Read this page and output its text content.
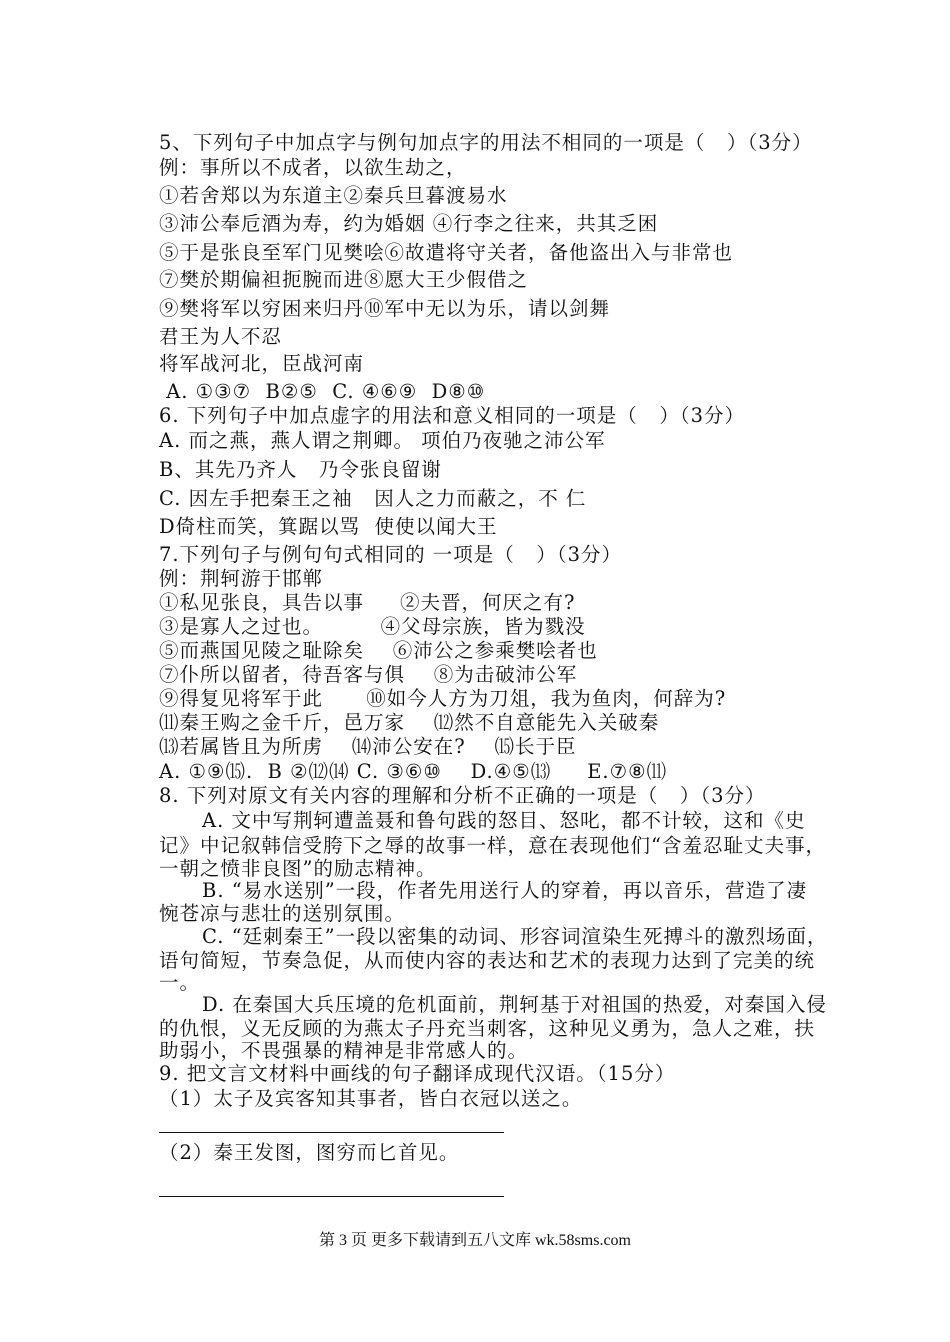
5、下列句子中加点字与例句加点字的用法不相同的一项是（   ）（3分）
例：事所以不成者，以欲生劫之，
①若舍郑以为东道主②秦兵旦暮渡易水
③沛公奉卮酒为寿，约为婚姻 ④行李之往来，共其乏困
⑤于是张良至军门见樊哙⑥故遣将守关者，备他盗出入与非常也
⑦樊於期偏袒扼腕而进⑧愿大王少假借之
⑨樊将军以穷困来归丹⑩军中无以为乐，请以剑舞
君王为人不忍
将军战河北，臣战河南
A. ①③⑦  B②⑤  C. ④⑥⑨  D⑧⑩
6. 下列句子中加点虚字的用法和意义相同的一项是（   ）（3分）
A. 而之燕，燕人谓之荆卿。 项伯乃夜驰之沛公军
B、其先乃齐人   乃令张良留谢
C. 因左手把秦王之袖   因人之力而蔽之，不 仁
D倚柱而笑，箕踞以骂  使使以闻大王
7.下列句子与例句句式相同的 一项是（   ）（3分）
例：荆轲游于邯郸
①私见张良，具告以事     ②夫晋，何厌之有?
③是寡人之过也。        ④父母宗族，皆为戮没
⑤而燕国见陵之耻除矣    ⑥沛公之参乘樊哙者也
⑦仆所以留者，待吾客与俱    ⑧为击破沛公军
⑨得复见将军于此      ⑩如今人方为刀俎，我为鱼肉，何辞为?
⑾秦王购之金千斤，邑万家    ⑿然不自意能先入关破秦
⒀若属皆且为所虏    ⒁沛公安在?    ⒂长于臣
A. ①⑨⒂.  B ②⑿⒁ C. ③⑥⑩    D.④⑤⒀     E.⑦⑧⑾
8. 下列对原文有关内容的理解和分析不正确的一项是（   ）（3分）
A. 文中写荆轲遭盖聂和鲁句践的怒目、怒叱，都不计较，这和《史
记》中记叙韩信受胯下之辱的故事一样，意在表现他们“含羞忍耻丈夫事，
一朝之愤非良图”的励志精神。
B. “易水送别”一段，作者先用送行人的穿着，再以音乐，营造了凄
惋苍凉与悲壮的送别氛围。
C. “廷刺秦王”一段以密集的动词、形容词渲染生死搏斗的激烈场面，
语句简短，节奏急促，从而使内容的表达和艺术的表现力达到了完美的统
一。
D. 在秦国大兵压境的危机面前，荆轲基于对祖国的热爱，对秦国入侵
的仇恨，义无反顾的为燕太子丹充当刺客，这种见义勇为，急人之难，扶
助弱小，不畏强暴的精神是非常感人的。
9. 把文言文材料中画线的句子翻译成现代汉语。（15分）
（1）太子及宾客知其事者，皆白衣冠以送之。
（2）秦王发图，图穷而匕首见。
第 3 页 更多下载请到五八文库 wk.58sms.com
